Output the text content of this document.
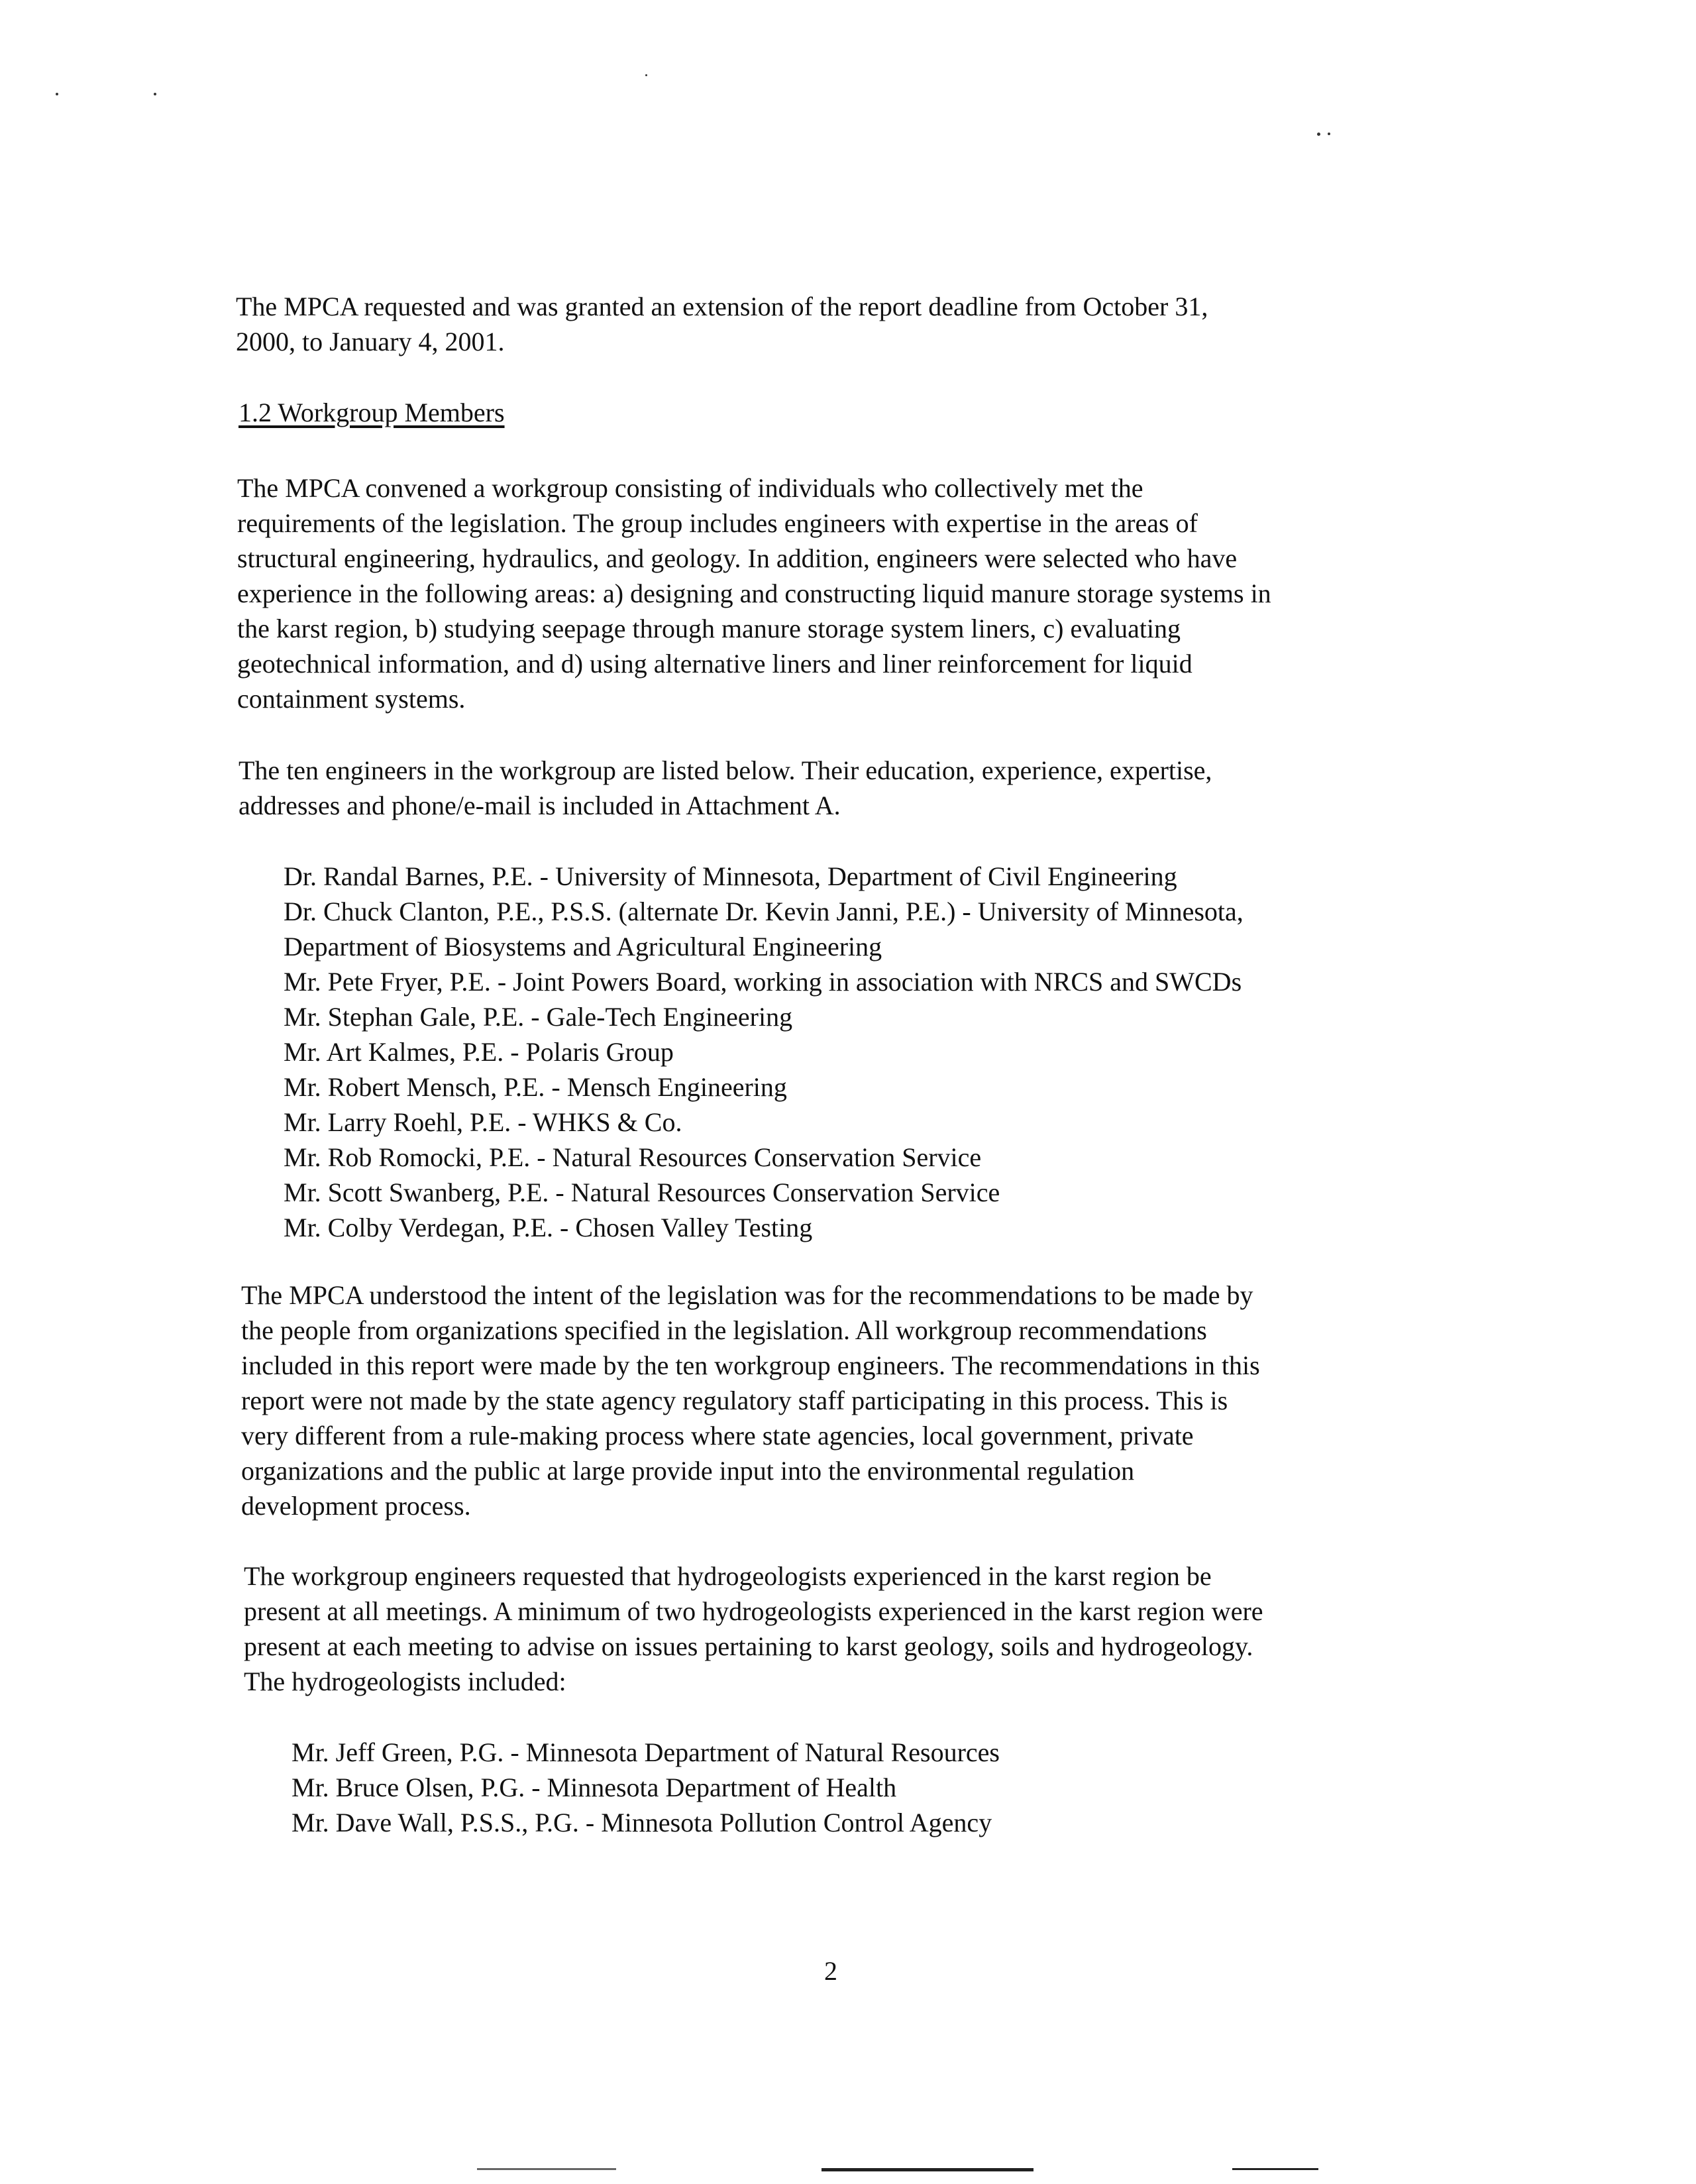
The MPCA requested and was granted an extension of the report deadline from October 31,
2000, to January 4, 2001.
1.2 Workgroup Members
The MPCA convened a workgroup consisting of individuals who collectively met the
requirements of the legislation. The group includes engineers with expertise in the areas of
structural engineering, hydraulics, and geology. In addition, engineers were selected who have
experience in the following areas: a) designing and constructing liquid manure storage systems in
the karst region, b) studying seepage through manure storage system liners, c) evaluating
geotechnical information, and d) using alternative liners and liner reinforcement for liquid
containment systems.
The ten engineers in the workgroup are listed below. Their education, experience, expertise,
addresses and phone/e-mail is included in Attachment A.
Dr. Randal Barnes, P.E. - University of Minnesota, Department of Civil Engineering
Dr. Chuck Clanton, P.E., P.S.S. (alternate Dr. Kevin Janni, P.E.) - University of Minnesota,
Department of Biosystems and Agricultural Engineering
Mr. Pete Fryer, P.E. - Joint Powers Board, working in association with NRCS and SWCDs
Mr. Stephan Gale, P.E. - Gale-Tech Engineering
Mr. Art Kalmes, P.E. - Polaris Group
Mr. Robert Mensch, P.E. - Mensch Engineering
Mr. Larry Roehl, P.E. - WHKS & Co.
Mr. Rob Romocki, P.E. - Natural Resources Conservation Service
Mr. Scott Swanberg, P.E. - Natural Resources Conservation Service
Mr. Colby Verdegan, P.E. - Chosen Valley Testing
The MPCA understood the intent of the legislation was for the recommendations to be made by
the people from organizations specified in the legislation. All workgroup recommendations
included in this report were made by the ten workgroup engineers. The recommendations in this
report were not made by the state agency regulatory staff participating in this process. This is
very different from a rule-making process where state agencies, local government, private
organizations and the public at large provide input into the environmental regulation
development process.
The workgroup engineers requested that hydrogeologists experienced in the karst region be
present at all meetings. A minimum of two hydrogeologists experienced in the karst region were
present at each meeting to advise on issues pertaining to karst geology, soils and hydrogeology.
The hydrogeologists included:
Mr. Jeff Green, P.G. - Minnesota Department of Natural Resources
Mr. Bruce Olsen, P.G. - Minnesota Department of Health
Mr. Dave Wall, P.S.S., P.G. - Minnesota Pollution Control Agency
2
